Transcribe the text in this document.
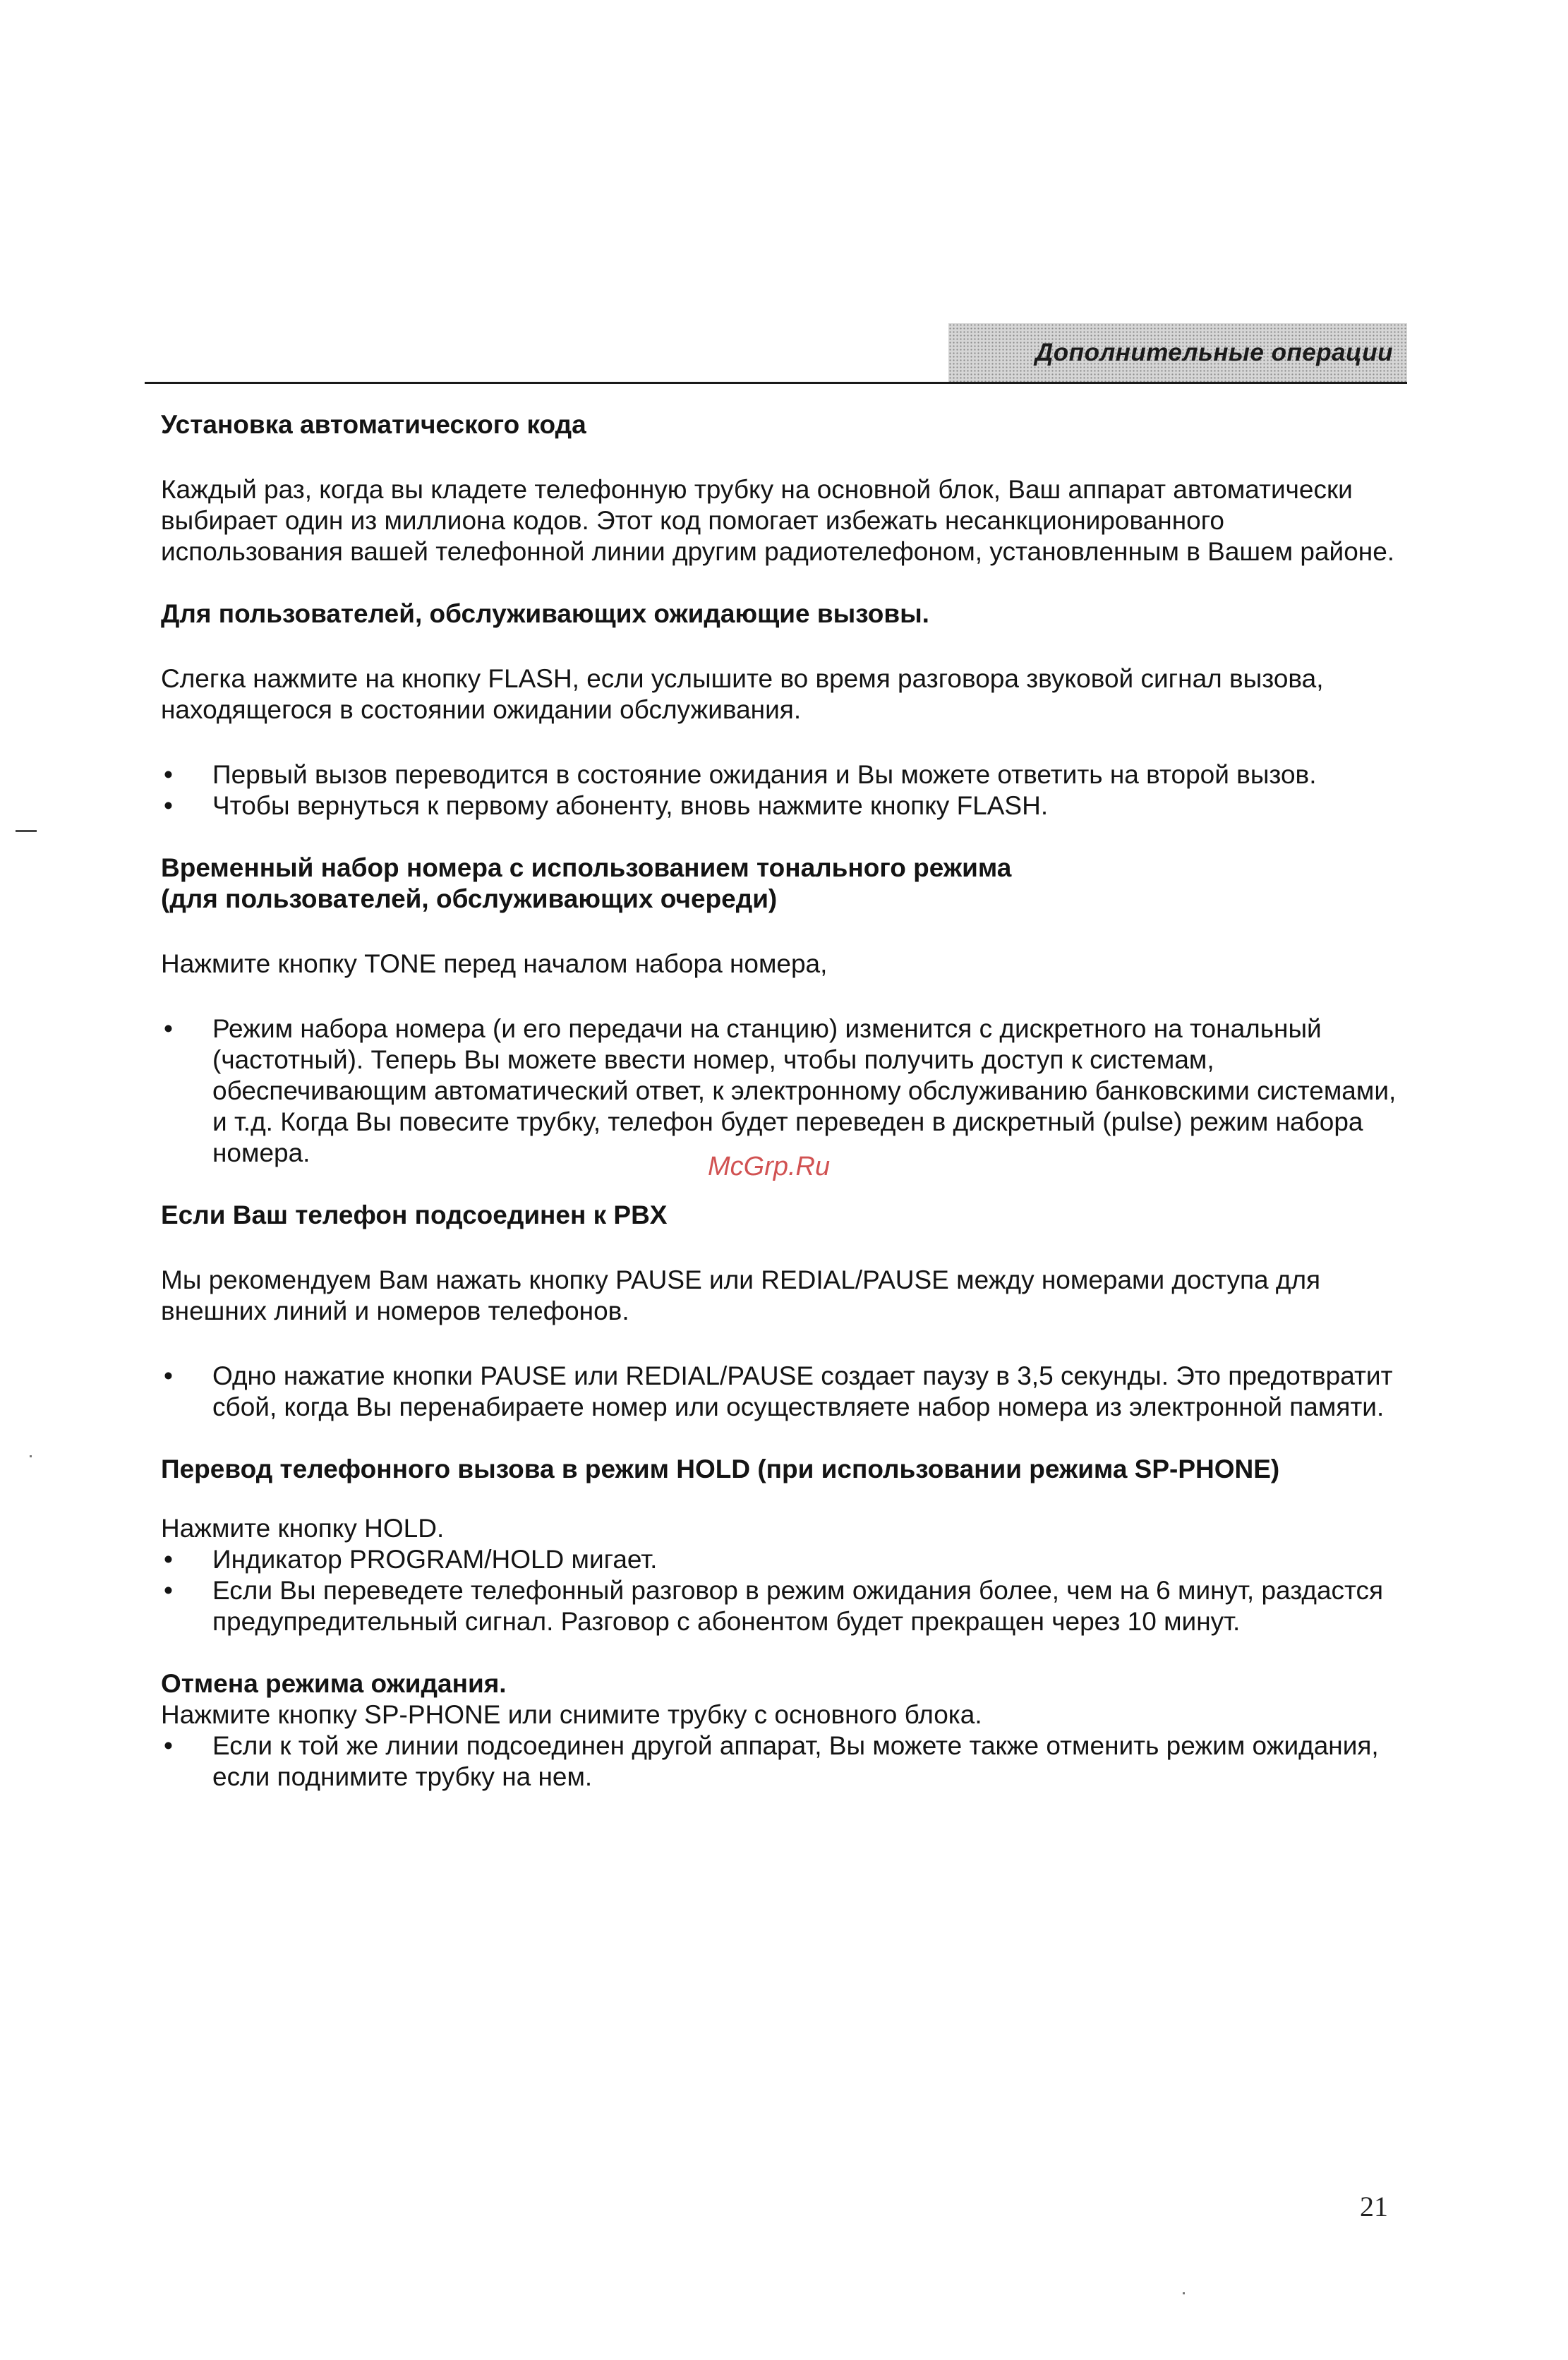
Дополнительные операции
Установка автоматического кода

Каждый раз, когда вы кладете телефонную трубку на основной блок, Ваш аппарат автоматически выбирает один из миллиона кодов. Этот код помогает избежать несанкционированного использования вашей телефонной линии другим радиотелефоном, установленным в Вашем районе.

Для пользователей, обслуживающих ожидающие вызовы.

Слегка нажмите на кнопку FLASH, если услышите во время разговора звуковой сигнал вызова, находящегося в состоянии ожидании обслуживания.

• Первый вызов переводится в состояние ожидания и Вы можете ответить на второй вызов.
• Чтобы вернуться к первому абоненту, вновь нажмите кнопку FLASH.
Временный набор номера с использованием тонального режима
(для пользователей, обслуживающих очереди)

Нажмите кнопку TONE перед началом набора номера,

• Режим набора номера (и его передачи на станцию) изменится с дискретного на тональный (частотный). Теперь Вы можете ввести номер, чтобы получить доступ к системам, обеспечивающим автоматический ответ, к электронному обслуживанию банковскими системами, и т.д. Когда Вы повесите трубку, телефон будет переведен в дискретный (pulse) режим набора номера.
Если Ваш телефон подсоединен к PBX

Мы рекомендуем Вам нажать кнопку PAUSE или REDIAL/PAUSE между номерами доступа для внешних линий и номеров телефонов.

• Одно нажатие кнопки PAUSE или REDIAL/PAUSE создает паузу в 3,5 секунды. Это предотвратит сбой, когда Вы перенабираете номер или осуществляете набор номера из электронной памяти.
Перевод телефонного вызова в режим HOLD (при использовании режима SP-PHONE)

Нажмите кнопку HOLD.

• Индикатор PROGRAM/HOLD мигает.
• Если Вы переведете телефонный разговор в режим ожидания более, чем на 6 минут, раздастся предупредительный сигнал. Разговор с абонентом будет прекращен через 10 минут.
Отмена режима ожидания.

Нажмите кнопку SP-PHONE или снимите трубку с основного блока.

• Если к той же линии подсоединен другой аппарат, Вы можете также отменить режим ожидания, если поднимите трубку на нем.
McGrp.Ru
21
